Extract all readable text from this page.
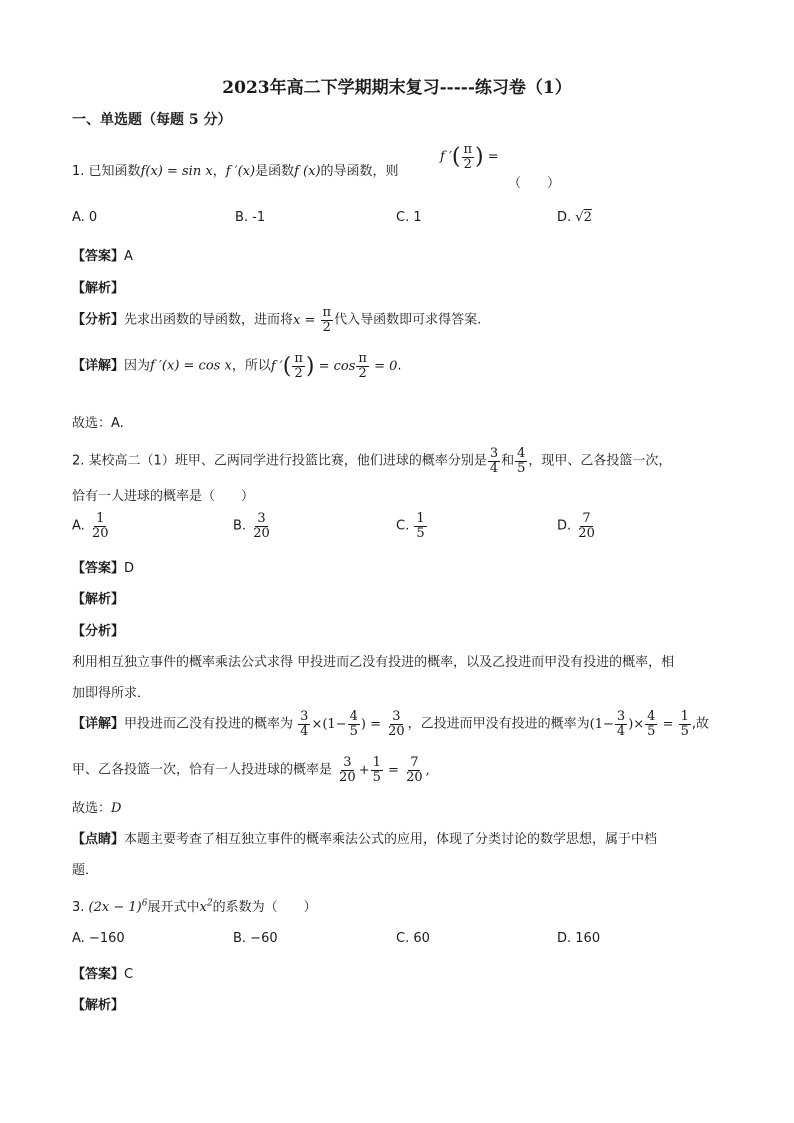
2023年高二下学期期末复习-----练习卷（1）
一、单选题（每题 5 分）
1. 已知函数f(x) = sin x，f ′(x)是函数f (x)的导函数，则
f ′( $\frac{\pi}{2}$ ) =
（　　）
A. 0	B. -1	C. 1	D. √2
【答案】A
【解析】
【分析】先求出函数的导函数，进而将$x = \frac{\pi}{2}$ 代入导函数即可求得答案.
【详解】因为f ′(x) = cos x，所以f ′( $\frac{\pi}{2}$ ) = $\cos \frac{\pi}{2} = 0$.
故选：A.
2. 某校高二（1）班甲、乙两同学进行投篮比赛，他们进球的概率分别是 $\frac{3}{4}$ 和 $\frac{4}{5}$ ，现甲、乙各投篮一次，
恰有一人进球的概率是（　　）
A. $\frac{1}{20}$	B. $\frac{3}{20}$	C. $\frac{1}{5}$	D. $\frac{7}{20}$
【答案】D
【解析】
【分析】
利用相互独立事件的概率乘法公式求得 甲投进而乙没有投进的概率，以及乙投进而甲没有投进的概率，相
加即得所求．
【详解】甲投进而乙没有投进的概率为 $\frac{3}{4} \times(1- \frac{4}{5}$ ) = $\frac{3}{20}$ ，乙投进而甲没有投进的概率为($1- \frac{3}{4}$ )× $\frac{4}{5} = \frac{1}{5}$ ,故
甲、乙各投篮一次，恰有一人投进球的概率是 $\frac{3}{20} + \frac{1}{5} = \frac{7}{20}$ ,
故选：D
【点睛】本题主要考查了相互独立事件的概率乘法公式的应用，体现了分类讨论的数学思想，属于中档
题．
3. $(2x - 1)^6$展开式中$x^2$的系数为（　　）
A. −160	B. −60	C. 60	D. 160
【答案】C
【解析】
